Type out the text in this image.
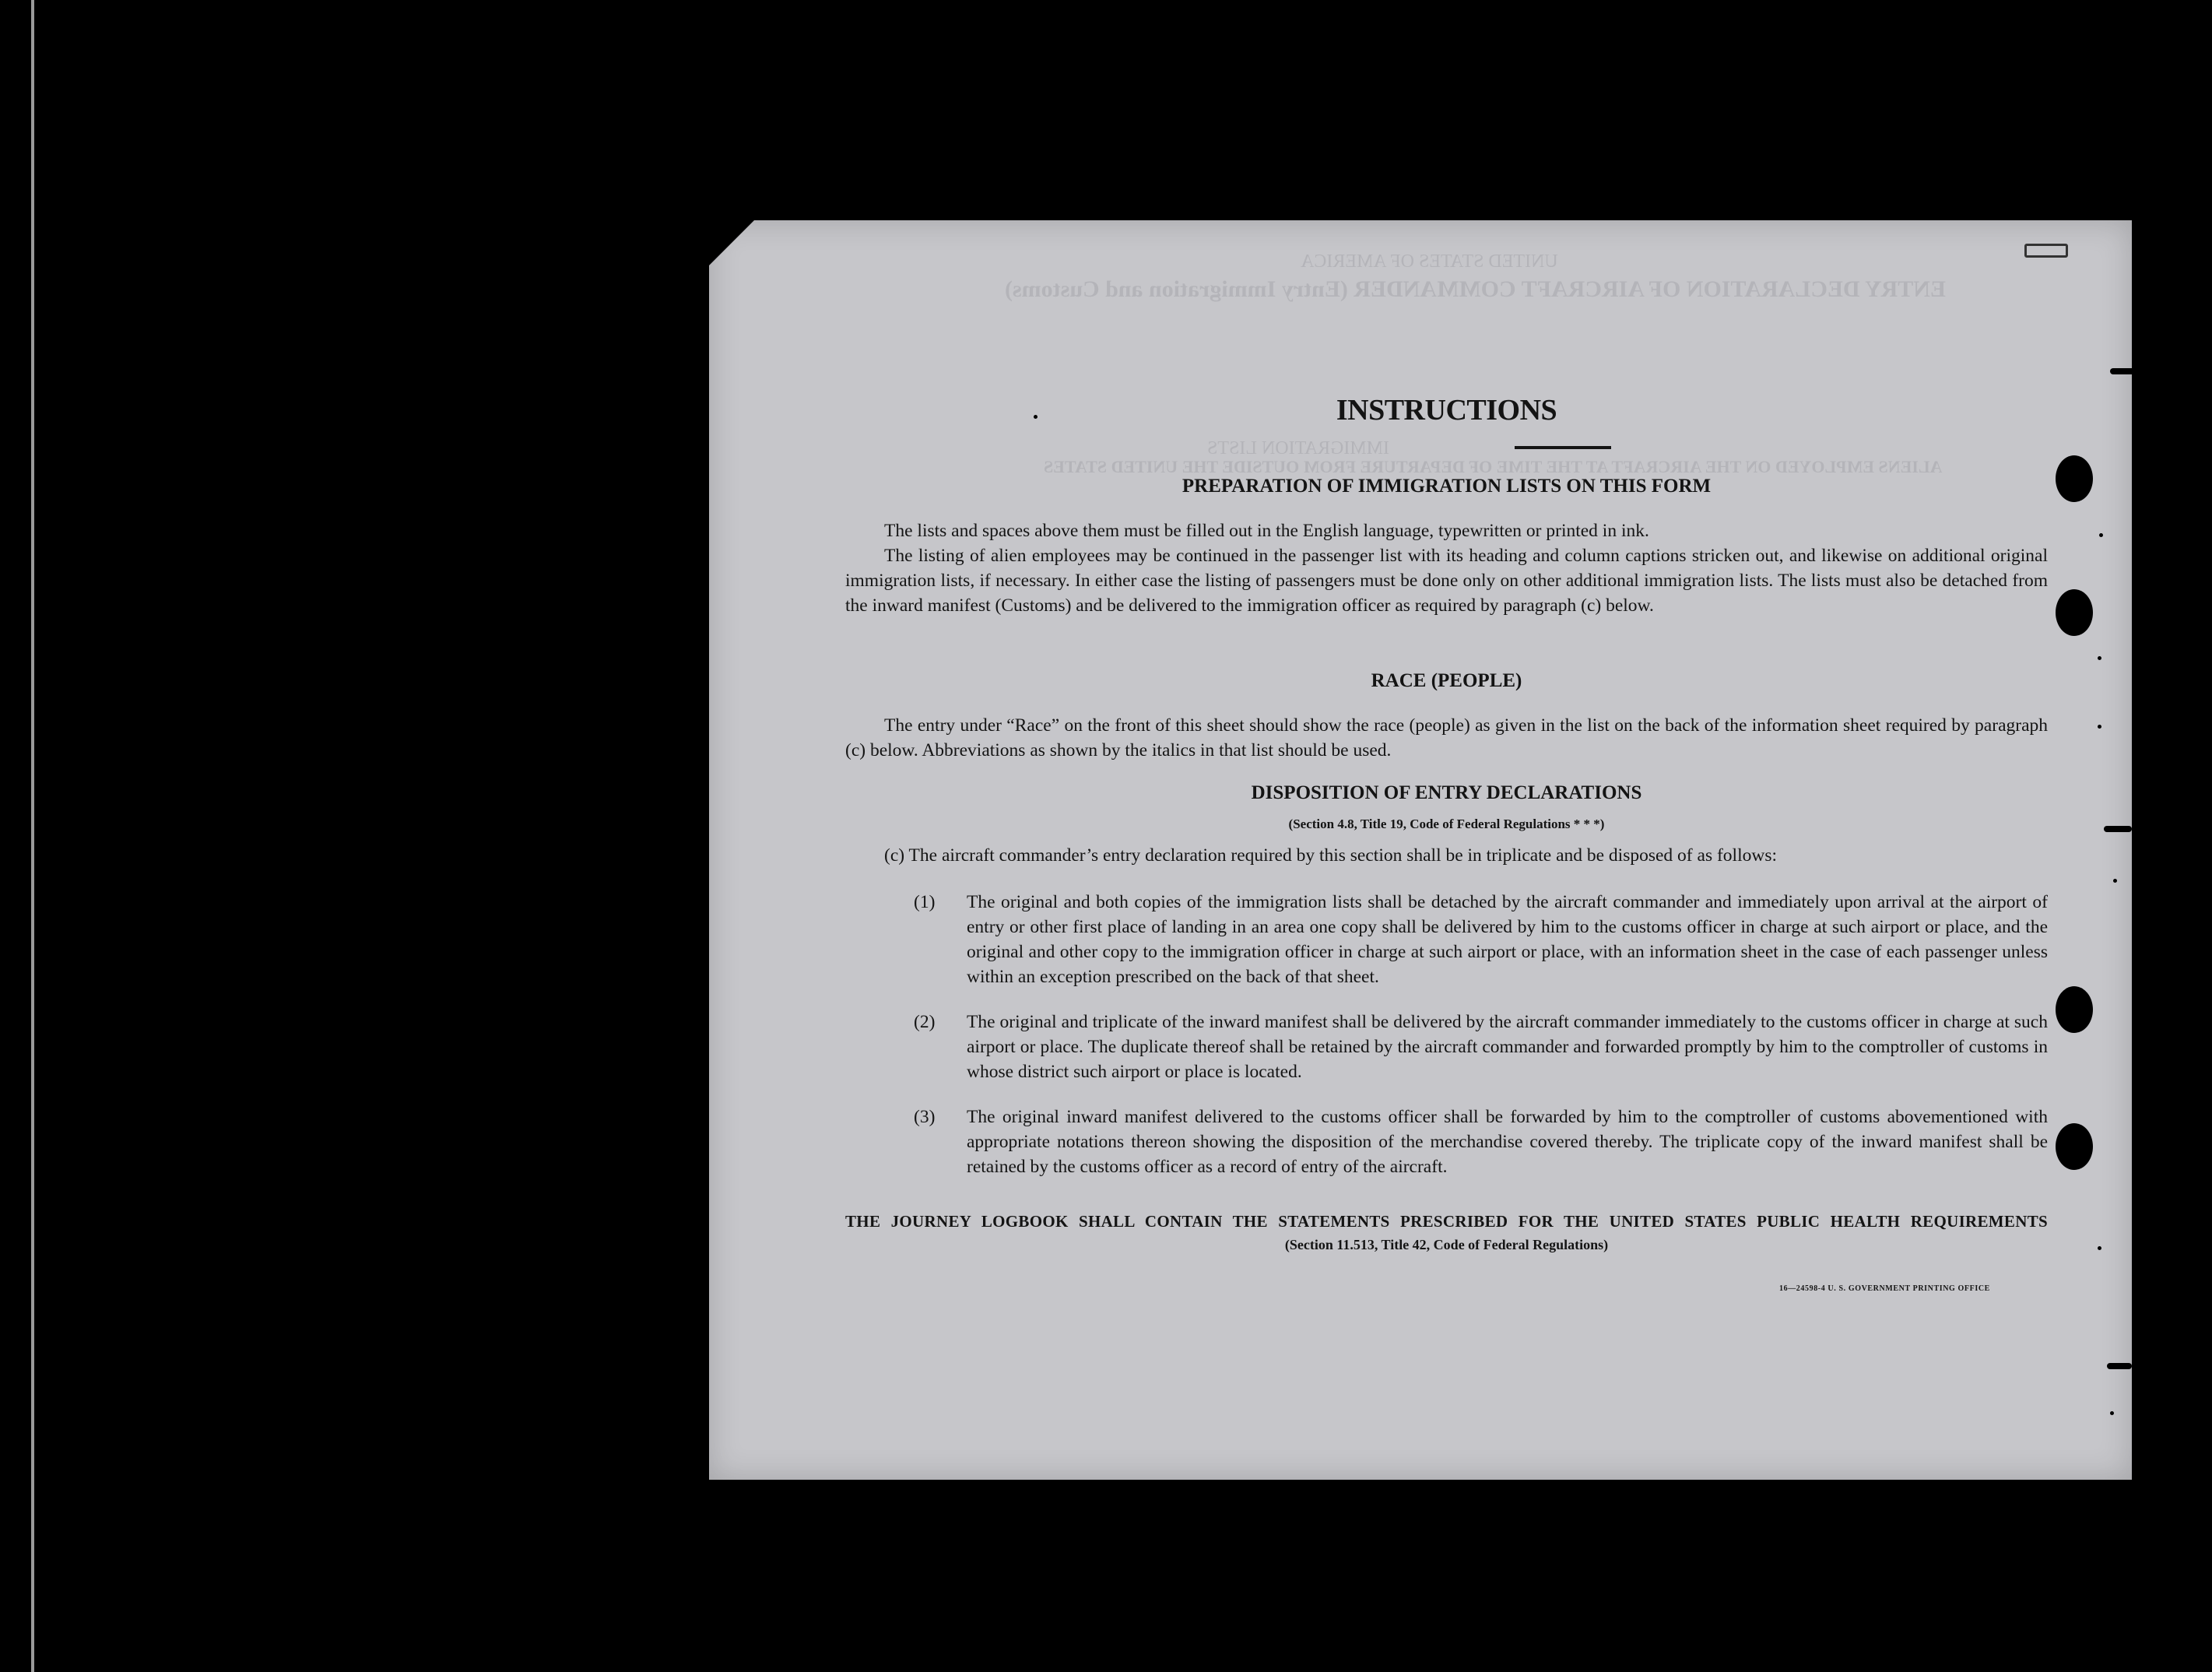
UNITED STATES OF AMERICA
ENTRY DECLARATION OF AIRCRAFT COMMANDER (Entry Immigration and Customs)
IMMIGRATION LISTS
ALIENS EMPLOYED ON THE AIRCRAFT AT THE TIME OF DEPARTURE FROM OUTSIDE THE UNITED STATES
INSTRUCTIONS
PREPARATION OF IMMIGRATION LISTS ON THIS FORM
The lists and spaces above them must be filled out in the English language, typewritten or printed in ink.
The listing of alien employees may be continued in the passenger list with its heading and column captions stricken out, and likewise on additional original immigration lists, if necessary. In either case the listing of passengers must be done only on other additional immigration lists. The lists must also be detached from the inward manifest (Customs) and be delivered to the immigration officer as required by paragraph (c) below.
RACE (PEOPLE)
The entry under “Race” on the front of this sheet should show the race (people) as given in the list on the back of the information sheet required by paragraph (c) below. Abbreviations as shown by the italics in that list should be used.
DISPOSITION OF ENTRY DECLARATIONS
(Section 4.8, Title 19, Code of Federal Regulations * * *)
(c) The aircraft commander’s entry declaration required by this section shall be in triplicate and be disposed of as follows:
(1) The original and both copies of the immigration lists shall be detached by the aircraft commander and immediately upon arrival at the airport of entry or other first place of landing in an area one copy shall be delivered by him to the customs officer in charge at such airport or place, and the original and other copy to the immigration officer in charge at such airport or place, with an information sheet in the case of each passenger unless within an exception prescribed on the back of that sheet.
(2) The original and triplicate of the inward manifest shall be delivered by the aircraft commander immediately to the customs officer in charge at such airport or place. The duplicate thereof shall be retained by the aircraft commander and forwarded promptly by him to the comptroller of customs in whose district such airport or place is located.
(3) The original inward manifest delivered to the customs officer shall be forwarded by him to the comptroller of customs abovementioned with appropriate notations thereon showing the disposition of the merchandise covered thereby. The triplicate copy of the inward manifest shall be retained by the customs officer as a record of entry of the aircraft.
THE JOURNEY LOGBOOK SHALL CONTAIN THE STATEMENTS PRESCRIBED FOR THE UNITED STATES PUBLIC HEALTH REQUIREMENTS
(Section 11.513, Title 42, Code of Federal Regulations)
16—24598-4 U. S. GOVERNMENT PRINTING OFFICE
